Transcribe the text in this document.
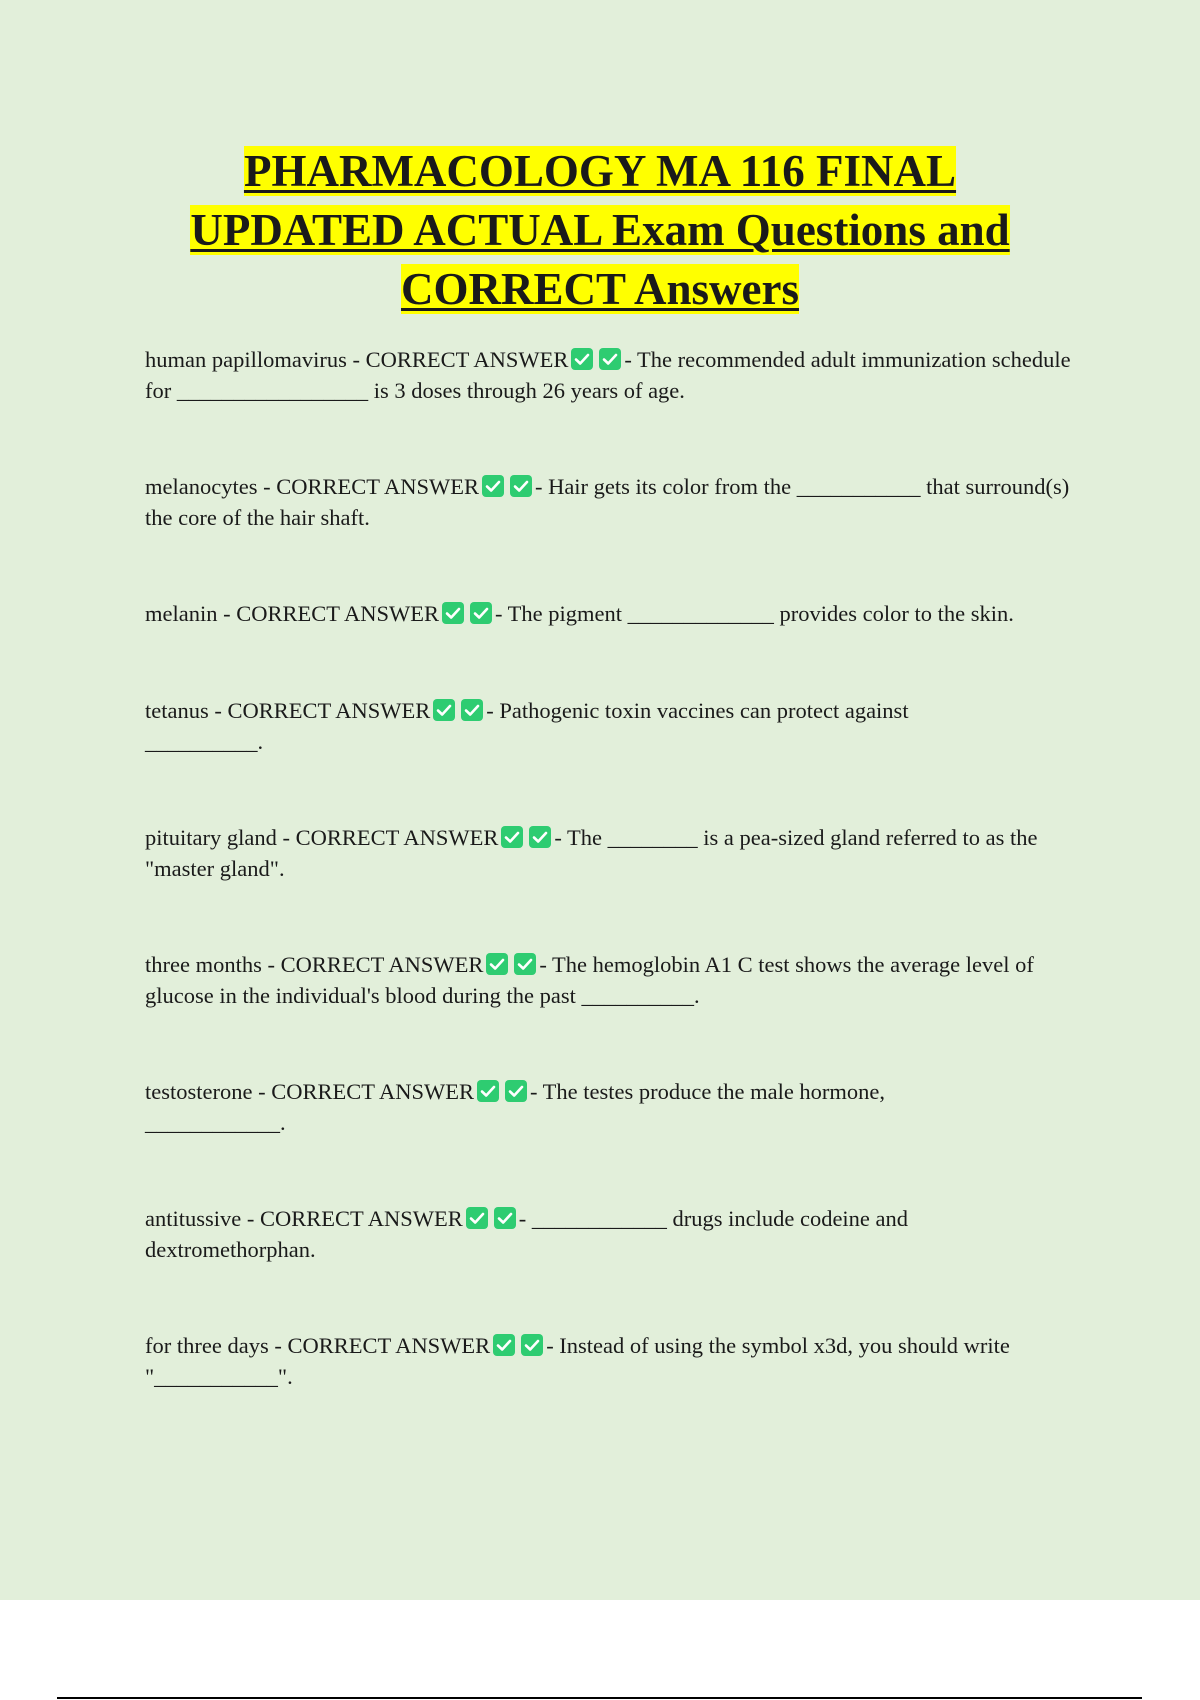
PHARMACOLOGY MA 116 FINAL
UPDATED ACTUAL Exam Questions and
CORRECT Answers

human papillomavirus - CORRECT ANSWER - The recommended adult immunization schedule for _________________ is 3 doses through 26 years of age.

melanocytes - CORRECT ANSWER - Hair gets its color from the ___________ that surround(s) the core of the hair shaft.

melanin - CORRECT ANSWER - The pigment _____________ provides color to the skin.

tetanus - CORRECT ANSWER - Pathogenic toxin vaccines can protect against __________.

pituitary gland - CORRECT ANSWER - The ________ is a pea-sized gland referred to as the "master gland".

three months - CORRECT ANSWER - The hemoglobin A1 C test shows the average level of glucose in the individual's blood during the past __________.

testosterone - CORRECT ANSWER - The testes produce the male hormone, ____________.

antitussive - CORRECT ANSWER - ____________ drugs include codeine and dextromethorphan.

for three days - CORRECT ANSWER - Instead of using the symbol x3d, you should write "___________".
